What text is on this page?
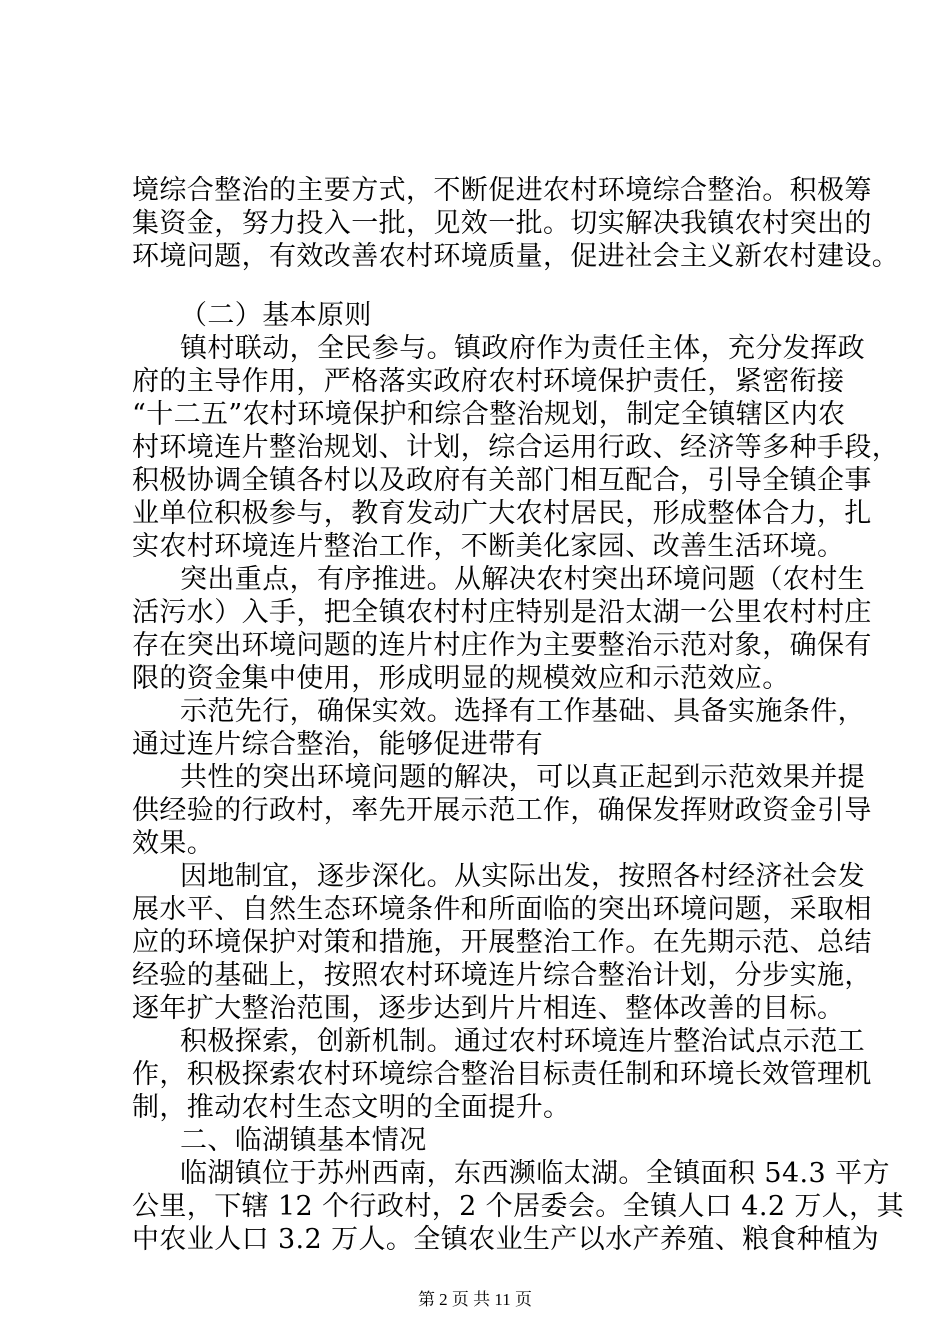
境综合整治的主要方式，不断促进农村环境综合整治。积极筹
集资金，努力投入一批，见效一批。切实解决我镇农村突出的
环境问题，有效改善农村环境质量，促进社会主义新农村建设。
（二）基本原则
镇村联动，全民参与。镇政府作为责任主体，充分发挥政
府的主导作用，严格落实政府农村环境保护责任，紧密衔接
“十二五”农村环境保护和综合整治规划，制定全镇辖区内农
村环境连片整治规划、计划，综合运用行政、经济等多种手段，
积极协调全镇各村以及政府有关部门相互配合，引导全镇企事
业单位积极参与，教育发动广大农村居民，形成整体合力，扎
实农村环境连片整治工作，不断美化家园、改善生活环境。
突出重点，有序推进。从解决农村突出环境问题（农村生
活污水）入手，把全镇农村村庄特别是沿太湖一公里农村村庄
存在突出环境问题的连片村庄作为主要整治示范对象，确保有
限的资金集中使用，形成明显的规模效应和示范效应。
示范先行，确保实效。选择有工作基础、具备实施条件，
通过连片综合整治，能够促进带有
共性的突出环境问题的解决，可以真正起到示范效果并提
供经验的行政村，率先开展示范工作，确保发挥财政资金引导
效果。
因地制宜，逐步深化。从实际出发，按照各村经济社会发
展水平、自然生态环境条件和所面临的突出环境问题，采取相
应的环境保护对策和措施，开展整治工作。在先期示范、总结
经验的基础上，按照农村环境连片综合整治计划，分步实施，
逐年扩大整治范围，逐步达到片片相连、整体改善的目标。
积极探索，创新机制。通过农村环境连片整治试点示范工
作，积极探索农村环境综合整治目标责任制和环境长效管理机
制，推动农村生态文明的全面提升。
二、临湖镇基本情况
临湖镇位于苏州西南，东西濒临太湖。全镇面积 54.3 平方
公里，下辖 12 个行政村，2 个居委会。全镇人口 4.2 万人，其
中农业人口 3.2 万人。全镇农业生产以水产养殖、粮食种植为
第 2 页 共 11 页
